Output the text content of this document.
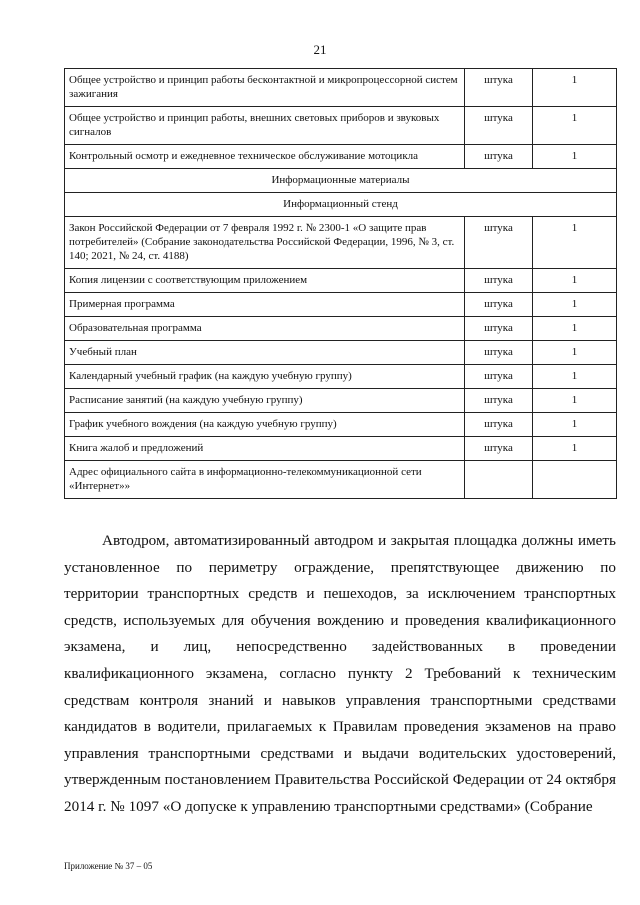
21
Общее устройство и принцип работы бесконтактной и микропроцессорной систем зажигания	штука	1
Общее устройство и принцип работы, внешних световых приборов и звуковых сигналов	штука	1
Контрольный осмотр и ежедневное техническое обслуживание мотоцикла	штука	1
Информационные материалы		
Информационный стенд		
Закон Российской Федерации от 7 февраля 1992 г. № 2300-1 «О защите прав потребителей» (Собрание законодательства Российской Федерации, 1996, № 3, ст. 140; 2021, № 24, ст. 4188)	штука	1
Копия лицензии с соответствующим приложением	штука	1
Примерная программа	штука	1
Образовательная программа	штука	1
Учебный план	штука	1
Календарный учебный график (на каждую учебную группу)	штука	1
Расписание занятий (на каждую учебную группу)	штука	1
График учебного вождения (на каждую учебную группу)	штука	1
Книга жалоб и предложений	штука	1
Адрес официального сайта в информационно-телекоммуникационной сети «Интернет»»		

Автодром, автоматизированный автодром и закрытая площадка должны иметь установленное по периметру ограждение, препятствующее движению по территории транспортных средств и пешеходов, за исключением транспортных средств, используемых для обучения вождению и проведения квалификационного экзамена, и лиц, непосредственно задействованных в проведении квалификационного экзамена, согласно пункту 2 Требований к техническим средствам контроля знаний и навыков управления транспортными средствами кандидатов в водители, прилагаемых к Правилам проведения экзаменов на право управления транспортными средствами и выдачи водительских удостоверений, утвержденным постановлением Правительства Российской Федерации от 24 октября 2014 г. № 1097 «О допуске к управлению транспортными средствами» (Собрание

Приложение № 37 – 05
